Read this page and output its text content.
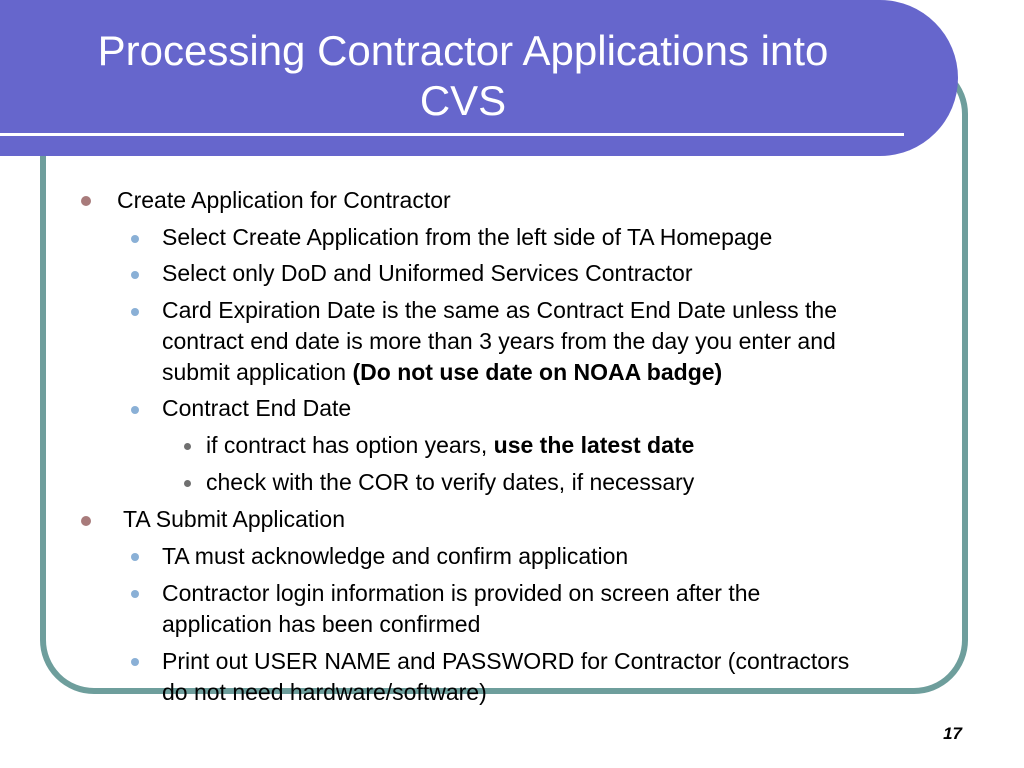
Processing Contractor Applications into CVS
Create Application for Contractor
Select Create Application from the left side of TA Homepage
Select only DoD and Uniformed Services Contractor
Card Expiration Date is the same as Contract End Date unless the
contract end date is more than 3 years from the day you enter and
submit application (Do not use date on NOAA badge)
Contract End Date
if contract has option years, use the latest date
check with the COR to verify dates, if necessary
TA Submit Application
TA must acknowledge and confirm application
Contractor login information is provided on screen after the
application has been confirmed
Print out USER NAME and PASSWORD for Contractor (contractors
do not need hardware/software)
17
